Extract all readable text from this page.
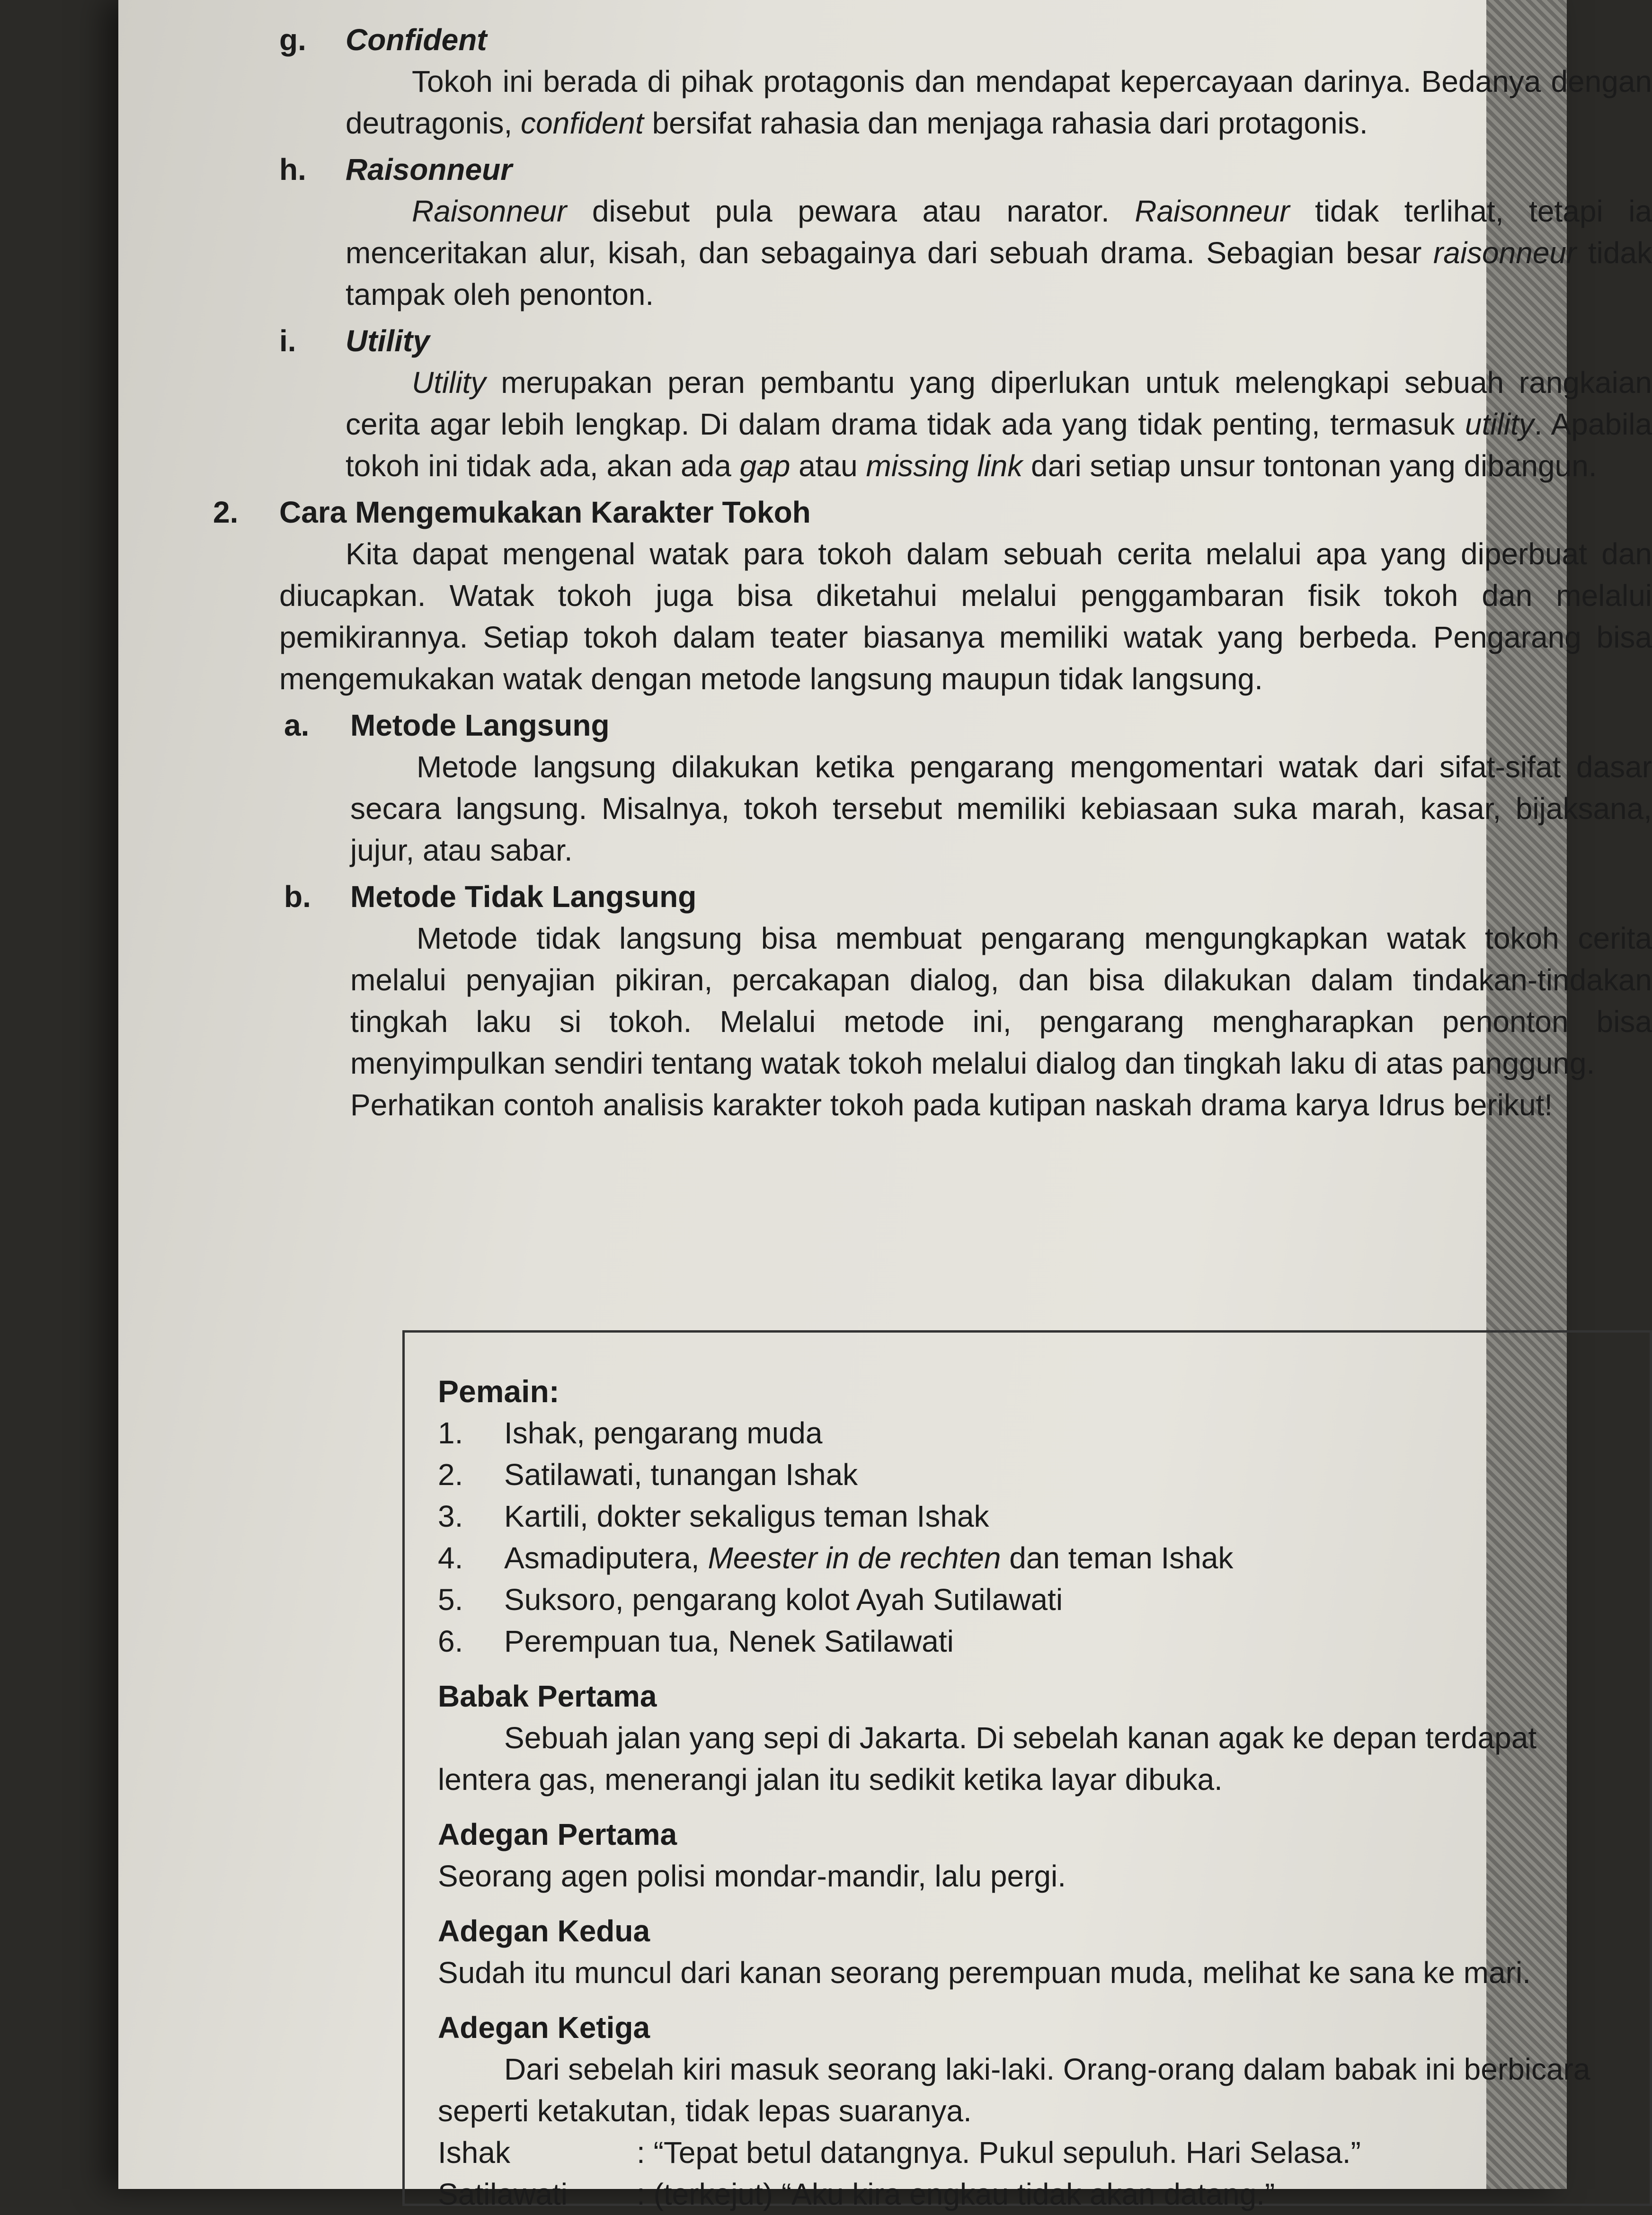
g.	Confident

Tokoh ini berada di pihak protagonis dan mendapat kepercayaan darinya. Bedanya dengan deutragonis, confident bersifat rahasia dan menjaga rahasia dari protagonis.

h.	Raisonneur

Raisonneur disebut pula pewara atau narator. Raisonneur tidak terlihat, tetapi ia menceritakan alur, kisah, dan sebagainya dari sebuah drama. Sebagian besar raisonneur tidak tampak oleh penonton.

i.	Utility

Utility merupakan peran pembantu yang diperlukan untuk melengkapi sebuah rangkaian cerita agar lebih lengkap. Di dalam drama tidak ada yang tidak penting, termasuk utility. Apabila tokoh ini tidak ada, akan ada gap atau missing link dari setiap unsur tontonan yang dibangun.

2.	Cara Mengemukakan Karakter Tokoh

Kita dapat mengenal watak para tokoh dalam sebuah cerita melalui apa yang diperbuat dan diucapkan. Watak tokoh juga bisa diketahui melalui penggambaran fisik tokoh dan melalui pemikirannya. Setiap tokoh dalam teater biasanya memiliki watak yang berbeda. Pengarang bisa mengemukakan watak dengan metode langsung maupun tidak langsung.

a.	Metode Langsung

Metode langsung dilakukan ketika pengarang mengomentari watak dari sifat-sifat dasar secara langsung. Misalnya, tokoh tersebut memiliki kebiasaan suka marah, kasar, bijaksana, jujur, atau sabar.

b.	Metode Tidak Langsung

Metode tidak langsung bisa membuat pengarang mengungkapkan watak tokoh cerita melalui penyajian pikiran, percakapan dialog, dan bisa dilakukan dalam tindakan-tindakan tingkah laku si tokoh. Melalui metode ini, pengarang mengharapkan penonton bisa menyimpulkan sendiri tentang watak tokoh melalui dialog dan tingkah laku di atas panggung.

Perhatikan contoh analisis karakter tokoh pada kutipan naskah drama karya Idrus berikut!

Pemain:
1.	Ishak, pengarang muda
2.	Satilawati, tunangan Ishak
3.	Kartili, dokter sekaligus teman Ishak
4.	Asmadiputera, Meester in de rechten dan teman Ishak
5.	Suksoro, pengarang kolot Ayah Sutilawati
6.	Perempuan tua, Nenek Satilawati
Babak Pertama

Sebuah jalan yang sepi di Jakarta. Di sebelah kanan agak ke depan terdapat lentera gas, menerangi jalan itu sedikit ketika layar dibuka.

Adegan Pertama

Seorang agen polisi mondar-mandir, lalu pergi.

Adegan Kedua

Sudah itu muncul dari kanan seorang perempuan muda, melihat ke sana ke mari.

Adegan Ketiga

Dari sebelah kiri masuk seorang laki-laki. Orang-orang dalam babak ini berbicara seperti ketakutan, tidak lepas suaranya.

Ishak	: “Tepat betul datangnya. Pukul sepuluh. Hari Selasa.”
Satilawati	: (terkejut) “Aku kira engkau tidak akan datang.”
